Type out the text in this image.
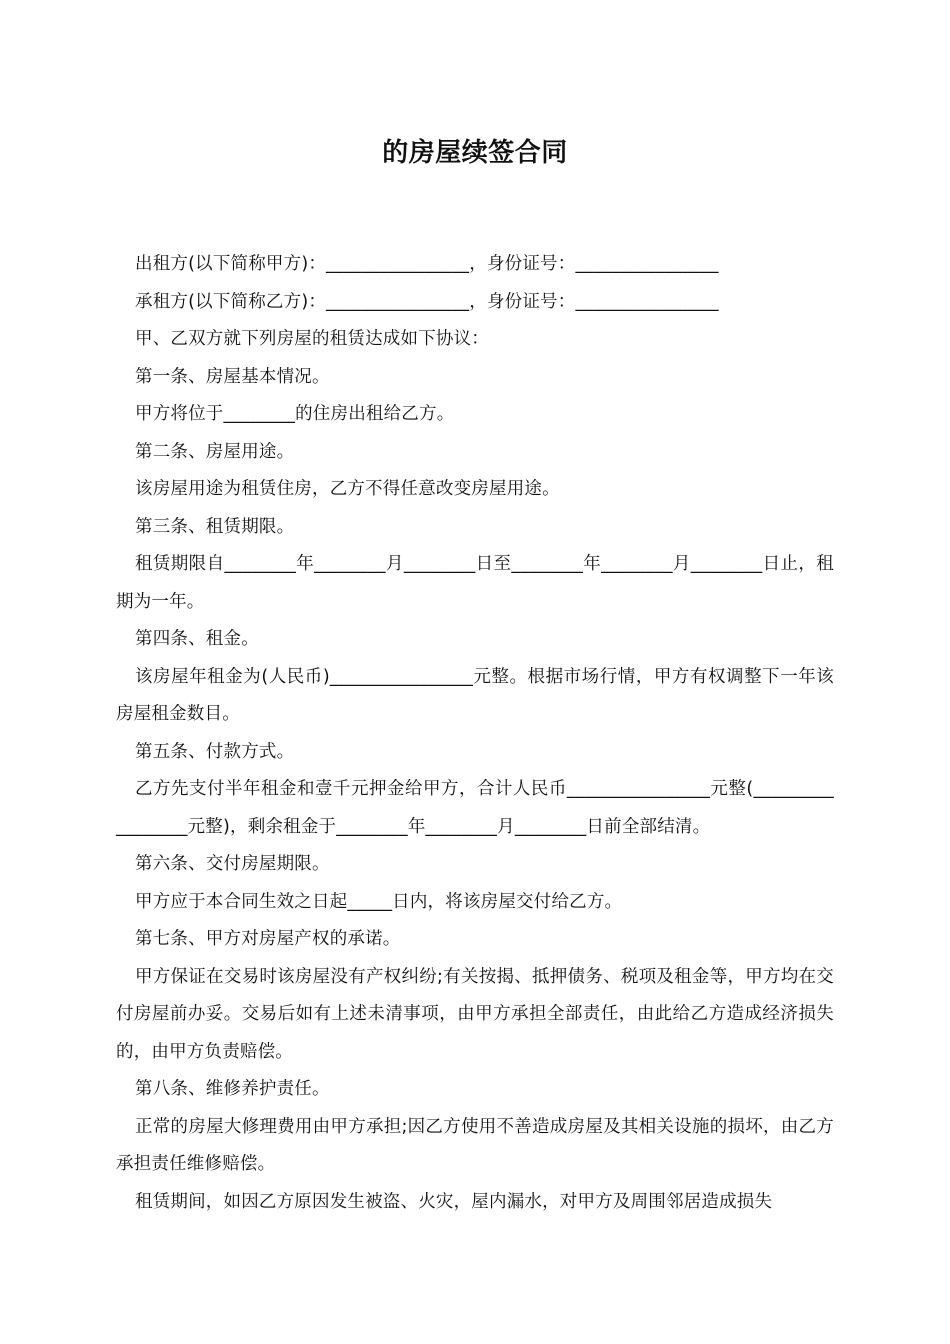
的房屋续签合同

出租方(以下简称甲方)：________________，身份证号：________________

承租方(以下简称乙方)：________________，身份证号：________________

甲、乙双方就下列房屋的租赁达成如下协议：

第一条、房屋基本情况。

甲方将位于________的住房出租给乙方。

第二条、房屋用途。

该房屋用途为租赁住房，乙方不得任意改变房屋用途。

第三条、租赁期限。

租赁期限自________年________月________日至________年________月________日止，租期为一年。

第四条、租金。

该房屋年租金为(人民币)________________元整。根据市场行情，甲方有权调整下一年该房屋租金数目。

第五条、付款方式。

乙方先支付半年租金和壹千元押金给甲方，合计人民币________________元整(_________________元整)，剩余租金于________年________月________日前全部结清。

第六条、交付房屋期限。

甲方应于本合同生效之日起_____日内，将该房屋交付给乙方。

第七条、甲方对房屋产权的承诺。

甲方保证在交易时该房屋没有产权纠纷;有关按揭、抵押债务、税项及租金等，甲方均在交付房屋前办妥。交易后如有上述未清事项，由甲方承担全部责任，由此给乙方造成经济损失的，由甲方负责赔偿。

第八条、维修养护责任。

正常的房屋大修理费用由甲方承担;因乙方使用不善造成房屋及其相关设施的损坏，由乙方承担责任维修赔偿。

租赁期间，如因乙方原因发生被盗、火灾，屋内漏水，对甲方及周围邻居造成损失
